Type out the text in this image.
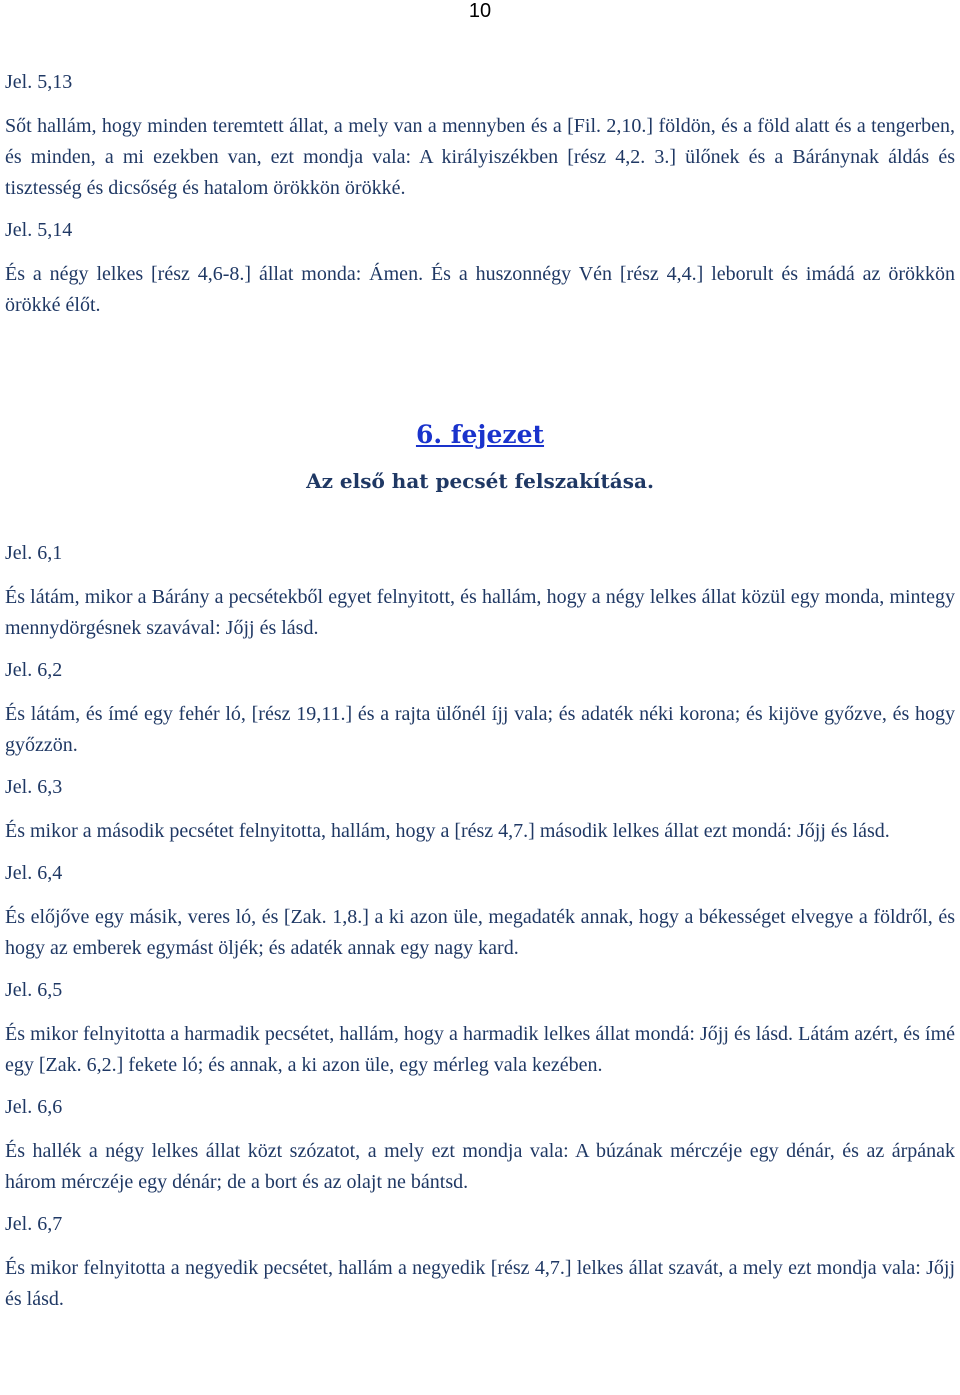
10

Jel. 5,13

Sőt hallám, hogy minden teremtett állat, a mely van a mennyben és a [Fil. 2,10.] földön, és a föld alatt és a tengerben, és minden, a mi ezekben van, ezt mondja vala: A királyiszékben [rész 4,2. 3.] ülőnek és a Báránynak áldás és tisztesség és dicsőség és hatalom örökkön örökké.

Jel. 5,14

És a négy lelkes [rész 4,6-8.] állat monda: Ámen. És a huszonnégy Vén [rész 4,4.] leborult és imádá az örökkön örökké élőt.

6. fejezet

Az első hat pecsét felszakítása.

Jel. 6,1

És látám, mikor a Bárány a pecsétekből egyet felnyitott, és hallám, hogy a négy lelkes állat közül egy monda, mintegy mennydörgésnek szavával: Jőjj és lásd.

Jel. 6,2

És látám, és ímé egy fehér ló, [rész 19,11.] és a rajta ülőnél íjj vala; és adaték néki korona; és kijöve győzve, és hogy győzzön.

Jel. 6,3

És mikor a második pecsétet felnyitotta, hallám, hogy a [rész 4,7.] második lelkes állat ezt mondá: Jőjj és lásd.

Jel. 6,4

És előjőve egy másik, veres ló, és [Zak. 1,8.] a ki azon üle, megadaték annak, hogy a békességet elvegye a földről, és hogy az emberek egymást öljék; és adaték annak egy nagy kard.

Jel. 6,5

És mikor felnyitotta a harmadik pecsétet, hallám, hogy a harmadik lelkes állat mondá: Jőjj és lásd. Látám azért, és ímé egy [Zak. 6,2.] fekete ló; és annak, a ki azon üle, egy mérleg vala kezében.

Jel. 6,6

És hallék a négy lelkes állat közt szózatot, a mely ezt mondja vala: A búzának mérczéje egy dénár, és az árpának három mérczéje egy dénár; de a bort és az olajt ne bántsd.

Jel. 6,7

És mikor felnyitotta a negyedik pecsétet, hallám a negyedik [rész 4,7.] lelkes állat szavát, a mely ezt mondja vala: Jőjj és lásd.
